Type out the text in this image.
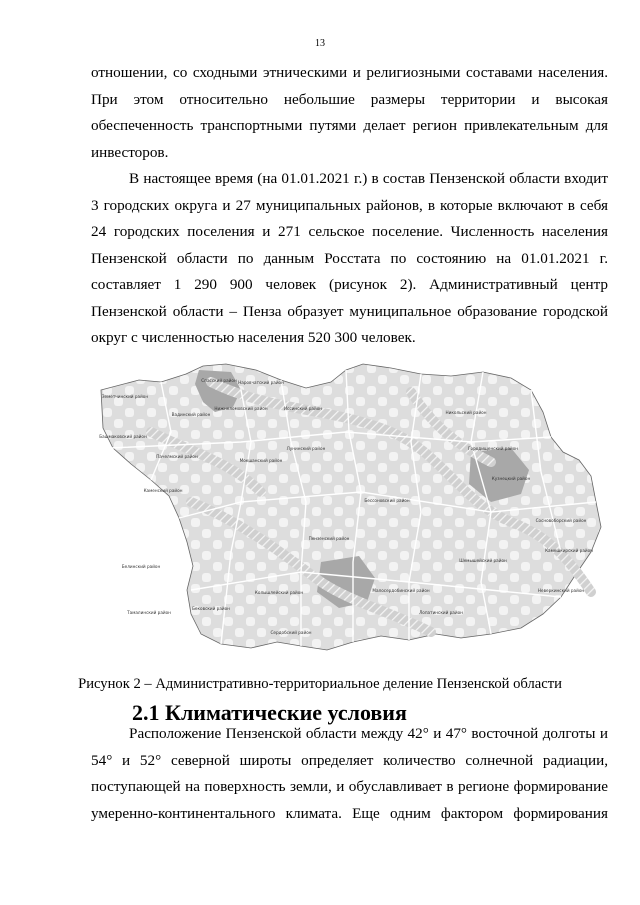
13

отношении, со сходными этническими и религиозными составами населения. При этом относительно небольшие размеры территории и высокая обеспеченность транспортными путями делает регион привлекательным для инвесторов.

В настоящее время (на 01.01.2021 г.) в состав Пензенской области входит 3 городских округа и 27 муниципальных районов, в которые включают в себя 24 городских поселения и 271 сельское поселение. Численность населения Пензенской области по данным Росстата по состоянию на 01.01.2021 г. составляет 1 290 900 человек (рисунок 2). Административный центр Пензенской области – Пенза образует муниципальное образование городской округ с численностью населения 520 300 человек.

Сосновоборский район
Камешкирский район
Мокшанский район
Лунинский район
Никольский район
Кузнецкий район
Пензенский район
Бессоновский район
Белинский район
Тамалинский район
Сердобский район
Колышлейский район
Каменский район
Нижнеломовский район
Спасский район
Вадинский район
Башмаковский район
Земетчинский район
Пачелмский район
Иссинский район
Наровчатский район
Городищенский район
Шемышейский район
Лопатинский район
Неверкинский район
Малосердобинский район
Бековский район
Рисунок 2 – Административно-территориальное деление Пензенской области
2.1 Климатические условия

Расположение Пензенской области между 42° и 47° восточной долготы и 54° и 52° северной широты определяет количество солнечной радиации, поступающей на поверхность земли, и обуславливает в регионе формирование умеренно-континентального климата. Еще одним фактором формирования
